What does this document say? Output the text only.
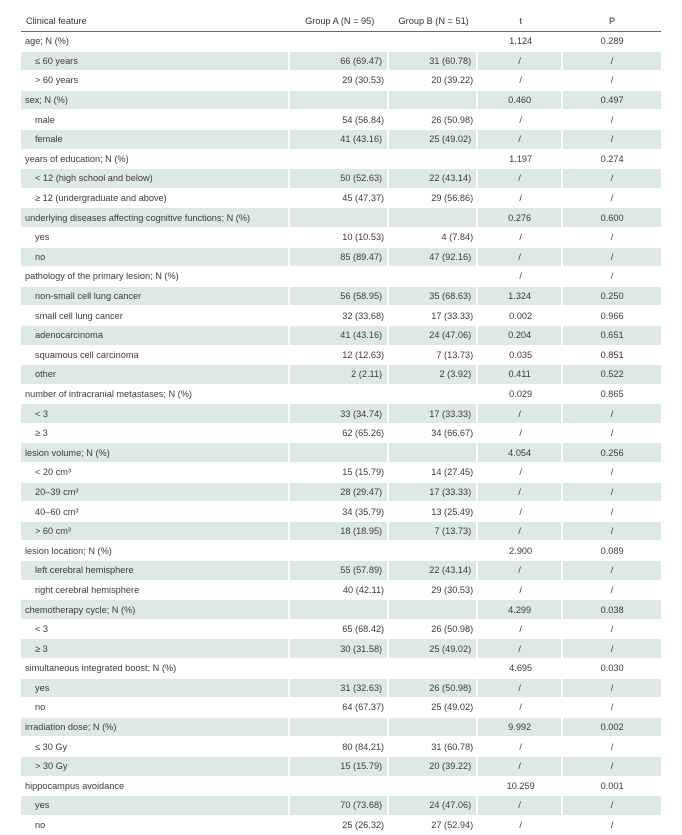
Clinical feature	Group A (N = 95)	Group B (N = 51)	t	P
age; N (%)			1.124	0.289
≤ 60 years	66 (69.47)	31 (60.78)	/	/
> 60 years	29 (30.53)	20 (39.22)	/	/
sex; N (%)			0.460	0.497
male	54 (56.84)	26 (50.98)	/	/
female	41 (43.16)	25 (49.02)	/	/
years of education; N (%)			1.197	0.274
< 12 (high school and below)	50 (52.63)	22 (43.14)	/	/
≥ 12 (undergraduate and above)	45 (47.37)	29 (56.86)	/	/
underlying diseases affecting cognitive functions; N (%)			0.276	0.600
yes	10 (10.53)	4 (7.84)	/	/
no	85 (89.47)	47 (92.16)	/	/
pathology of the primary lesion; N (%)			/	/
non-small cell lung cancer	56 (58.95)	35 (68.63)	1.324	0.250
small cell lung cancer	32 (33.68)	17 (33.33)	0.002	0.966
adenocarcinoma	41 (43.16)	24 (47.06)	0.204	0.651
squamous cell carcinoma	12 (12.63)	7 (13.73)	0.035	0.851
other	2 (2.11)	2 (3.92)	0.411	0.522
number of intracranial metastases; N (%)			0.029	0.865
< 3	33 (34.74)	17 (33.33)	/	/
≥ 3	62 (65.26)	34 (66.67)	/	/
lesion volume; N (%)			4.054	0.256
< 20 cm³	15 (15.79)	14 (27.45)	/	/
20–39 cm³	28 (29.47)	17 (33.33)	/	/
40–60 cm³	34 (35.79)	13 (25.49)	/	/
> 60 cm³	18 (18.95)	7 (13.73)	/	/
lesion location; N (%)			2.900	0.089
left cerebral hemisphere	55 (57.89)	22 (43.14)	/	/
right cerebral hemisphere	40 (42.11)	29 (30.53)	/	/
chemotherapy cycle; N (%)			4.299	0.038
< 3	65 (68.42)	26 (50.98)	/	/
≥ 3	30 (31.58)	25 (49.02)	/	/
simultaneous integrated boost; N (%)			4.695	0.030
yes	31 (32.63)	26 (50.98)	/	/
no	64 (67.37)	25 (49.02)	/	/
irradiation dose; N (%)			9.992	0.002
≤ 30 Gy	80 (84.21)	31 (60.78)	/	/
> 30 Gy	15 (15.79)	20 (39.22)	/	/
hippocampus avoidance			10.259	0.001
yes	70 (73.68)	24 (47.06)	/	/
no	25 (26.32)	27 (52.94)	/	/
